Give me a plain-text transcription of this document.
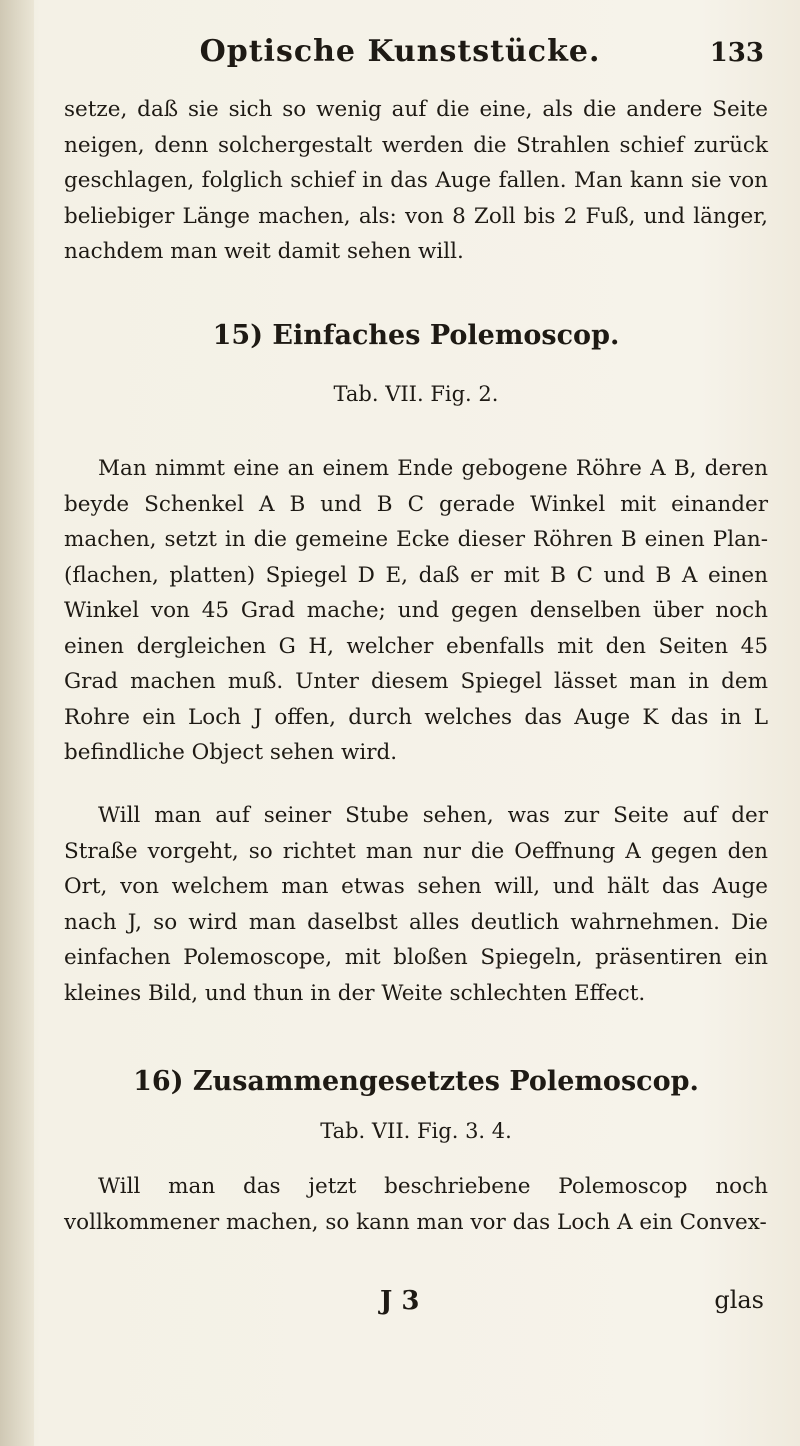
Optische Kunststücke.	133
setze, daß sie sich so wenig auf die eine, als die andere Seite neigen, denn solchergestalt werden die Strahlen schief zurück geschlagen, folglich schief in das Auge fallen. Man kann sie von beliebiger Länge machen, als: von 8 Zoll bis 2 Fuß, und länger, nachdem man weit damit sehen will.
15) Einfaches Polemoscop.
Tab. VII. Fig. 2.
Man nimmt eine an einem Ende gebogene Röhre A B, deren beyde Schenkel A B und B C gerade Winkel mit einander machen, setzt in die gemeine Ecke dieser Röhren B einen Plan- (flachen, platten) Spiegel D E, daß er mit B C und B A einen Winkel von 45 Grad mache; und gegen denselben über noch einen dergleichen G H, welcher ebenfalls mit den Seiten 45 Grad machen muß. Unter diesem Spiegel lässet man in dem Rohre ein Loch J offen, durch welches das Auge K das in L befindliche Object sehen wird.
Will man auf seiner Stube sehen, was zur Seite auf der Straße vorgeht, so richtet man nur die Oeffnung A gegen den Ort, von welchem man etwas sehen will, und hält das Auge nach J, so wird man daselbst alles deutlich wahrnehmen. Die einfachen Polemoscope, mit bloßen Spiegeln, präsentiren ein kleines Bild, und thun in der Weite schlechten Effect.
16) Zusammengesetztes Polemoscop.
Tab. VII. Fig. 3. 4.
Will man das jetzt beschriebene Polemoscop noch vollkommener machen, so kann man vor das Loch A ein Convex-
J 3	glas
